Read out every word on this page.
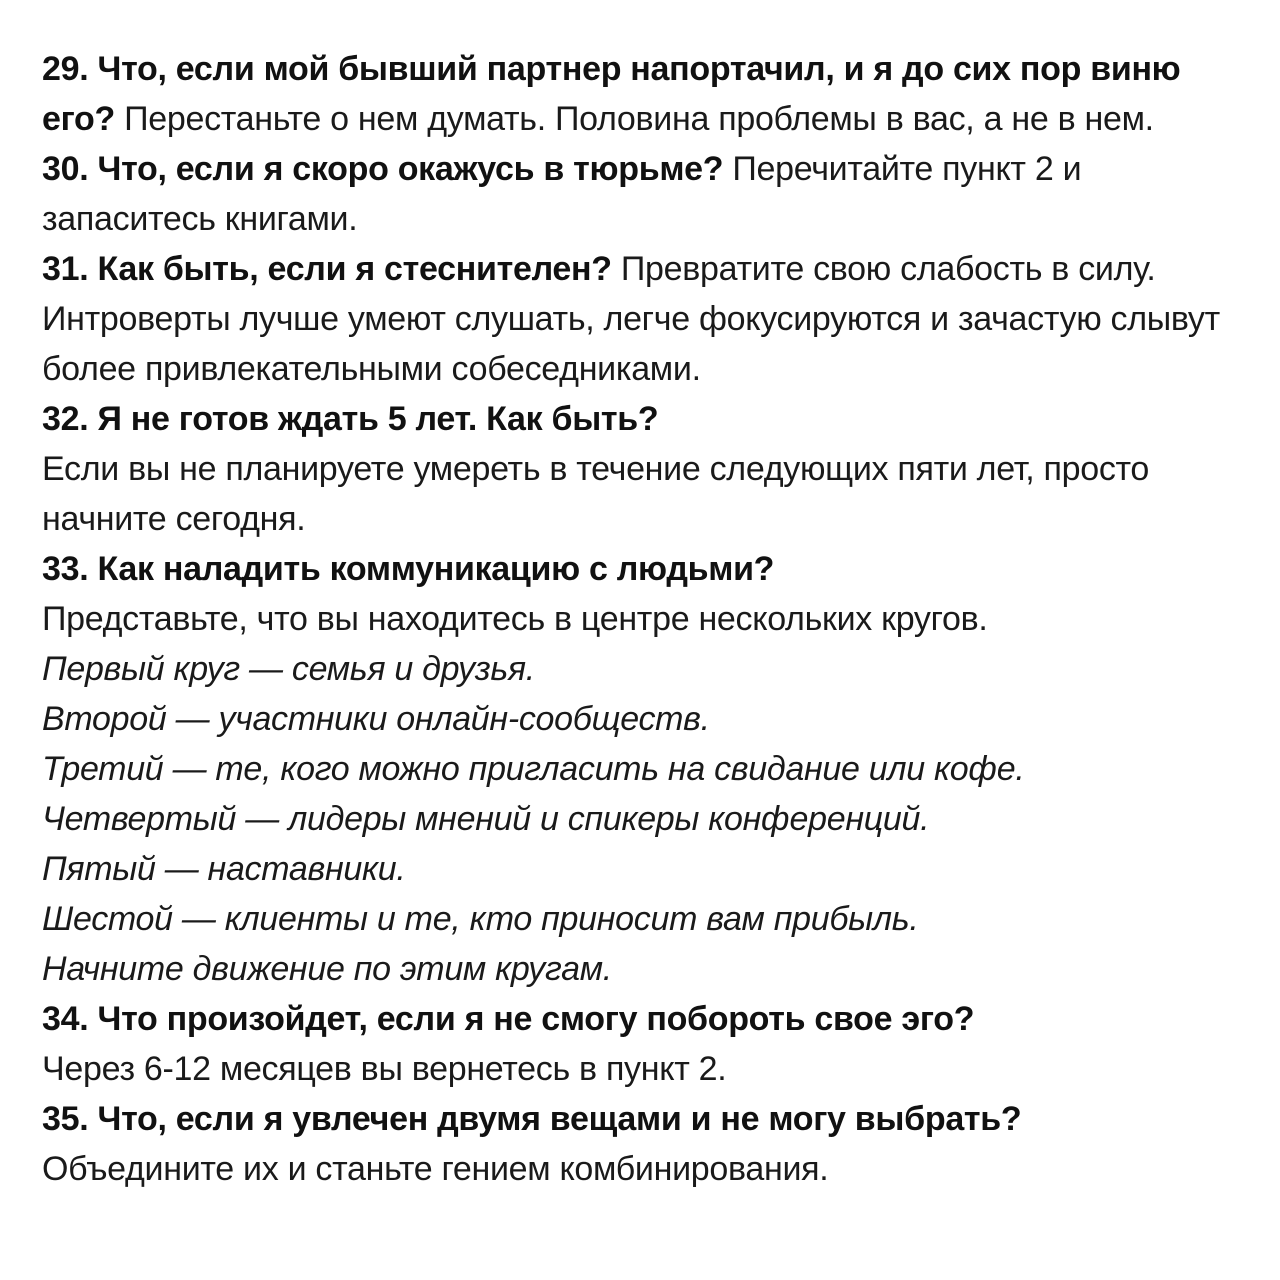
29. Что, если мой бывший партнер напортачил, и я до сих пор виню его? Перестаньте о нем думать. Половина проблемы в вас, а не в нем.

30. Что, если я скоро окажусь в тюрьме? Перечитайте пункт 2 и запаситесь книгами.

31. Как быть, если я стеснителен? Превратите свою слабость в силу. Интроверты лучше умеют слушать, легче фокусируются и зачастую слывут более привлекательными собеседниками.

32. Я не готов ждать 5 лет. Как быть?
Если вы не планируете умереть в течение следующих пяти лет, просто начните сегодня.

33. Как наладить коммуникацию с людьми?
Представьте, что вы находитесь в центре нескольких кругов.

Первый круг — семья и друзья.

Второй — участники онлайн-сообществ.

Третий — те, кого можно пригласить на свидание или кофе.

Четвертый — лидеры мнений и спикеры конференций.

Пятый — наставники.

Шестой — клиенты и те, кто приносит вам прибыль.

Начните движение по этим кругам.

34. Что произойдет, если я не смогу побороть свое эго?
Через 6-12 месяцев вы вернетесь в пункт 2.

35. Что, если я увлечен двумя вещами и не могу выбрать?
Объедините их и станьте гением комбинирования.
